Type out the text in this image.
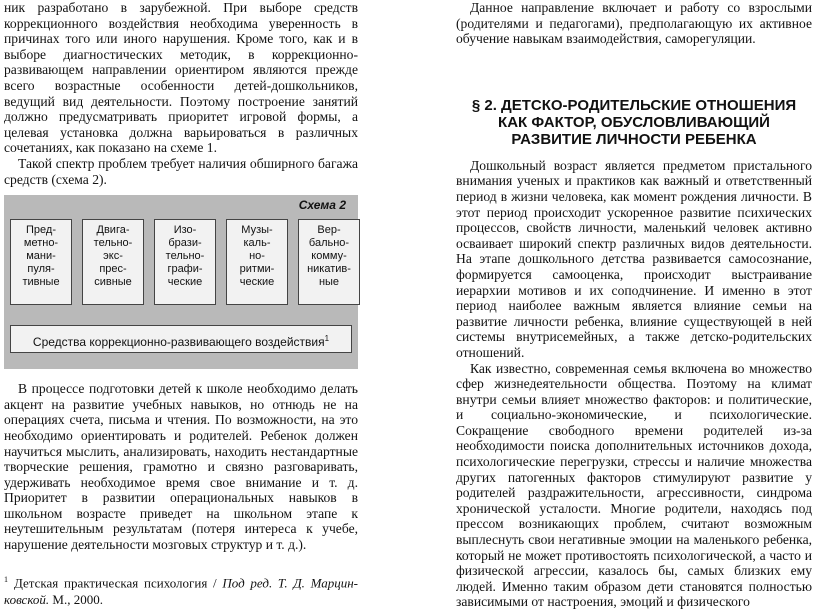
ник разработано в зарубежной. При выборе средств коррекционного воздействия необходима уверенность в причинах того или иного нарушения. Кроме того, как и в выборе диагностических методик, в коррекционно-развивающем направлении ориентиром являются прежде всего возрастные особенности детей-дошкольников, ведущий вид деятельности. Поэтому построение занятий должно предусматривать приоритет игровой формы, а целевая установка должна варьироваться в различных сочетаниях, как показано на схеме 1.

Такой спектр проблем требует наличия обширного багажа средств (схема 2).

Схема 2
Пред-
метно-
мани-
пуля-
тивные
Двига-
тельно-
экс-
прес-
сивные
Изо-
брази-
тельно-
графи-
ческие
Музы-
каль-
но-
ритми-
ческие
Вер-
бально-
комму-
никатив-
ные
Средства коррекционно-развивающего воздействия$^1$

В процессе подготовки детей к школе необходимо делать акцент на развитие учебных навыков, но отнюдь не на операциях счета, письма и чтения. По возможности, на это необходимо ориентировать и родителей. Ребенок должен научиться мыслить, анализировать, находить нестандартные творческие решения, грамотно и связно разговаривать, удерживать необходимое время свое внимание и т. д. Приоритет в развитии операциональных навыков в школьном возрасте приведет на школьном этапе к неутешительным результатам (потеря интереса к учебе, нарушение деятельности мозговых структур и т. д.).

$^1$ Детская практическая психология / Под ред. Т. Д. Марцин-ковской. М., 2000.

Данное направление включает и работу со взрослыми (родителями и педагогами), предполагающую их активное обучение навыкам взаимодействия, саморегуляции.

§ 2. ДЕТСКО-РОДИТЕЛЬСКИЕ ОТНОШЕНИЯ КАК ФАКТОР, ОБУСЛОВЛИВАЮЩИЙ РАЗВИТИЕ ЛИЧНОСТИ РЕБЕНКА

Дошкольный возраст является предметом пристального внимания ученых и практиков как важный и ответственный период в жизни человека, как момент рождения личности. В этот период происходит ускоренное развитие психических процессов, свойств личности, маленький человек активно осваивает широкий спектр различных видов деятельности. На этапе дошкольного детства развивается самосознание, формируется самооценка, происходит выстраивание иерархии мотивов и их соподчинение. И именно в этот период наиболее важным является влияние семьи на развитие личности ребенка, влияние существующей в ней системы внутрисемейных, а также детско-родительских отношений.

Как известно, современная семья включена во множество сфер жизнедеятельности общества. Поэтому на климат внутри семьи влияет множество факторов: и политические, и социально-экономические, и психологические. Сокращение свободного времени родителей из-за необходимости поиска дополнительных источников дохода, психологические перегрузки, стрессы и наличие множества других патогенных факторов стимулируют развитие у родителей раздражительности, агрессивности, синдрома хронической усталости. Многие родители, находясь под прессом возникающих проблем, считают возможным выплеснуть свои негативные эмоции на маленького ребенка, который не может противостоять психологической, а часто и физической агрессии, казалось бы, самых близких ему людей. Именно таким образом дети становятся полностью зависимыми от настроения, эмоций и физического
